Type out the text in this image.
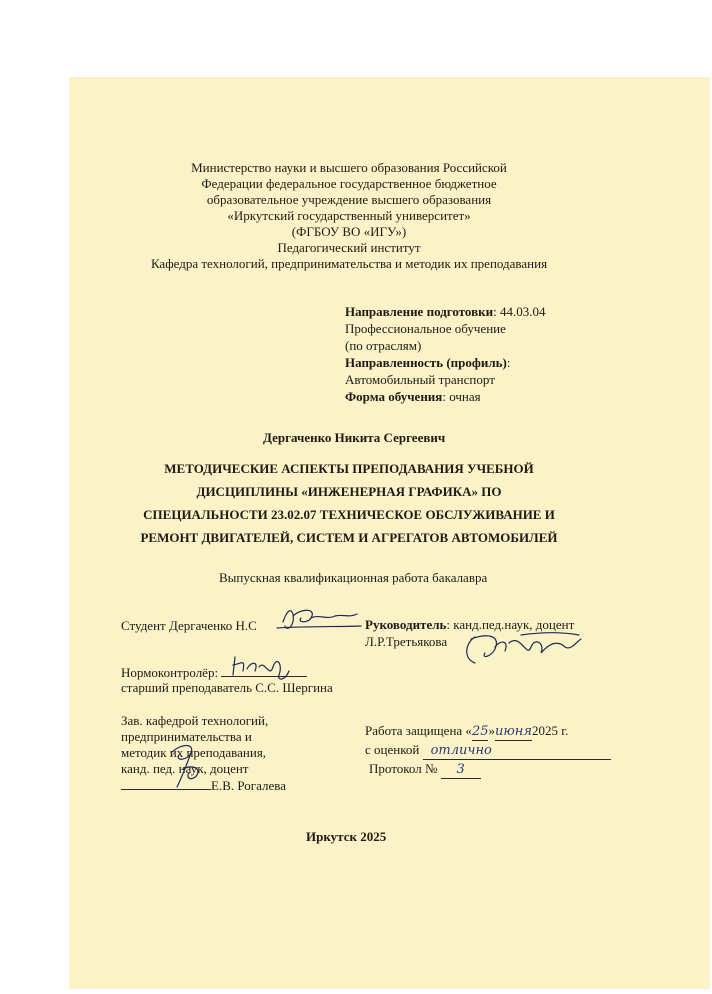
Министерство науки и высшего образования Российской
Федерации федеральное государственное бюджетное
образовательное учреждение высшего образования
«Иркутский государственный университет»
(ФГБОУ ВО «ИГУ»)
Педагогический институт
Кафедра технологий, предпринимательства и методик их преподавания
Направление подготовки: 44.03.04
Профессиональное обучение
(по отраслям)
Направленность (профиль):
Автомобильный транспорт
Форма обучения: очная
Дергаченко Никита Сергеевич
МЕТОДИЧЕСКИЕ АСПЕКТЫ ПРЕПОДАВАНИЯ УЧЕБНОЙ
ДИСЦИПЛИНЫ «ИНЖЕНЕРНАЯ ГРАФИКА» ПО
СПЕЦИАЛЬНОСТИ 23.02.07 ТЕХНИЧЕСКОЕ ОБСЛУЖИВАНИЕ И
РЕМОНТ ДВИГАТЕЛЕЙ, СИСТЕМ И АГРЕГАТОВ АВТОМОБИЛЕЙ
Выпускная квалификационная работа бакалавра
Студент Дергаченко Н.С	Руководитель: канд.пед.наук, доцент
Л.Р.Третьякова
Нормоконтролёр:
старший преподаватель С.С. Шергина
Зав. кафедрой технологий,
предпринимательства и
методик их преподавания,
канд. пед. наук, доцент
Е.В. Рогалева
Работа защищена «25»июня2025 г.
с оценкой отлично
Протокол № 3
Иркутск 2025
